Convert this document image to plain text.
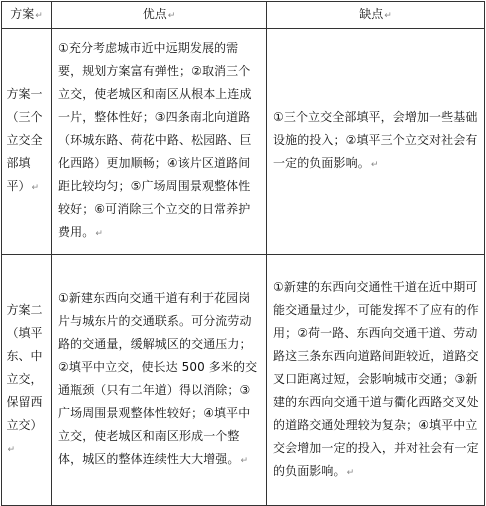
方案↵	优点↵	缺点↵

方案一（三个立交全部填平）↵	①充分考虑城市近中远期发展的需要，规划方案富有弹性；②取消三个立交，使老城区和南区从根本上连成一片，整体性好；③四条南北向道路（环城东路、荷花中路、松园路、巨化西路）更加顺畅；④该片区道路间距比较均匀；⑤广场周围景观整体性较好；⑥可消除三个立交的日常养护费用。↵	①三个立交全部填平，会增加一些基础设施的投入；②填平三个立交对社会有一定的负面影响。↵

方案二（填平东、中立交，保留西立交）↵	①新建东西向交通干道有利于花园岗片与城东片的交通联系。可分流劳动路的交通量，缓解城区的交通压力；②填平中立交，使长达 500 多米的交通瓶颈（只有二年道）得以消除；③广场周围景观整体性较好；④填平中立交，使老城区和南区形成一个整体，城区的整体连续性大大增强。↵	①新建的东西向交通性干道在近中期可能交通量过少，可能发挥不了应有的作用；②荷一路、东西向交通干道、劳动路这三条东西向道路间距较近，道路交叉口距离过短，会影响城市交通；③新建的东西向交通干道与衢化西路交叉处的道路交通处理较为复杂；④填平中立交会增加一定的投入，并对社会有一定的负面影响。↵
